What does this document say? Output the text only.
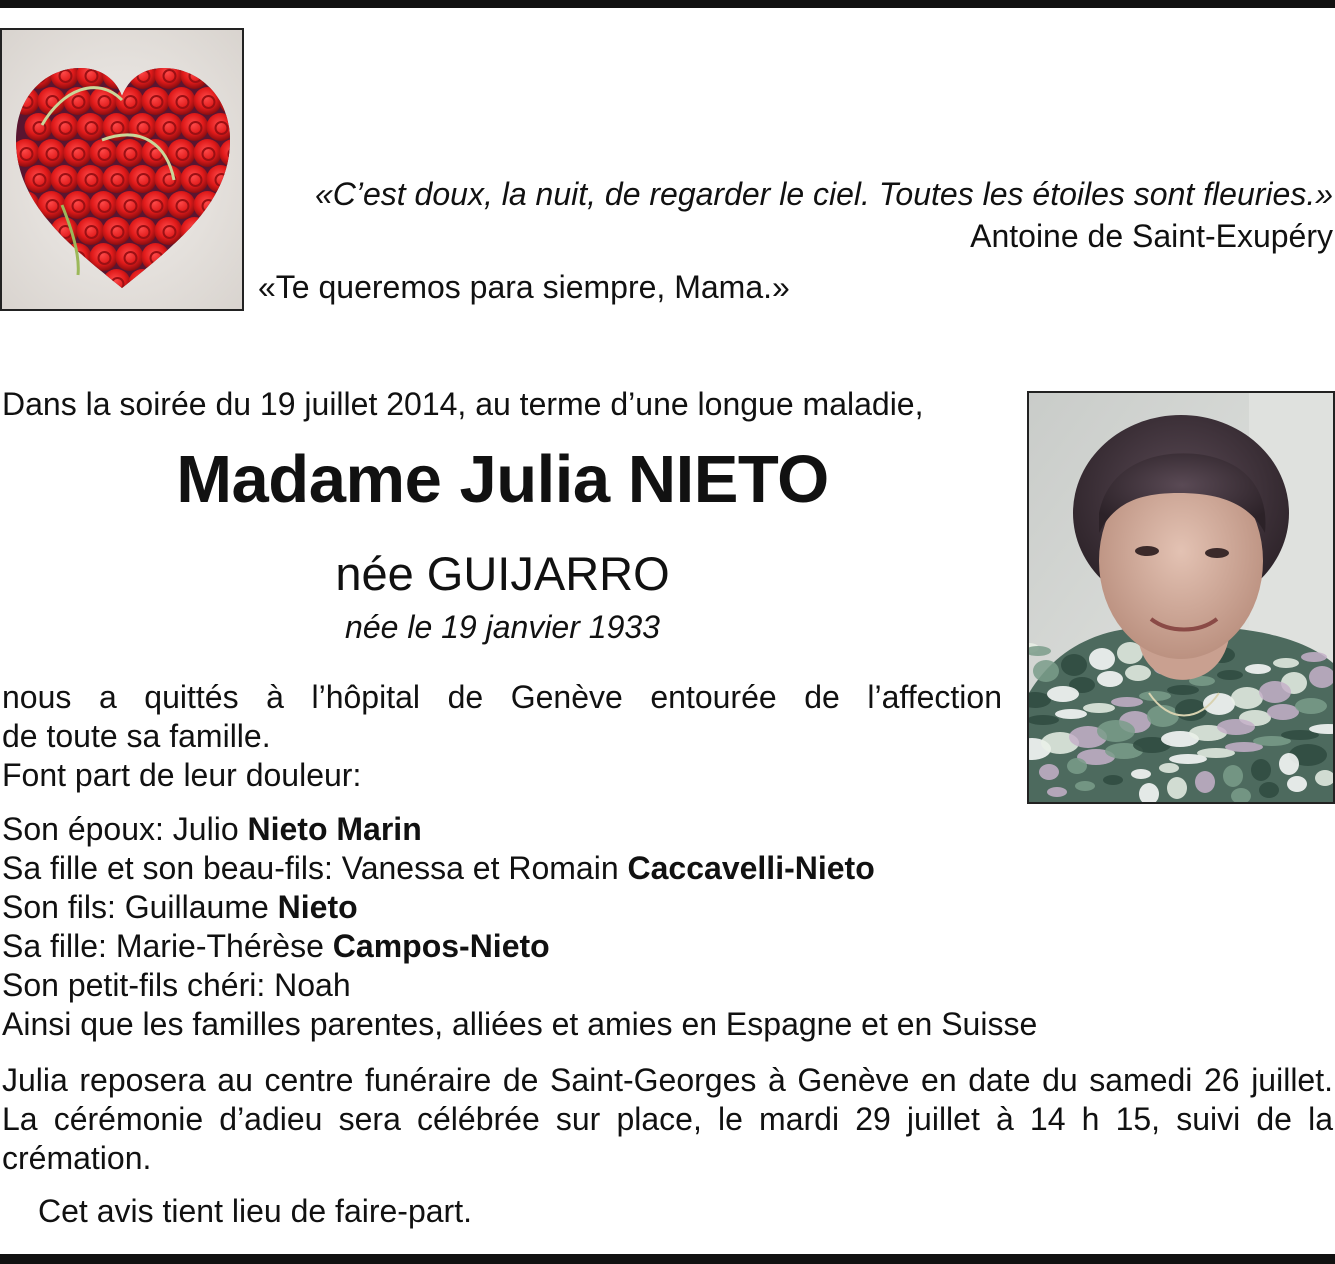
«C’est doux, la nuit, de regarder le ciel. Toutes les étoiles sont fleuries.»
Antoine de Saint-Exupéry
«Te queremos para siempre, Mama.»
Dans la soirée du 19 juillet 2014, au terme d’une longue maladie,
Madame Julia NIETO
née GUIJARRO
née le 19 janvier 1933
nous a quittés à l’hôpital de Genève entourée de l’affection
de toute sa famille.
Font part de leur douleur:
Son époux: Julio Nieto Marin
Sa fille et son beau-fils: Vanessa et Romain Caccavelli-Nieto
Son fils: Guillaume Nieto
Sa fille: Marie-Thérèse Campos-Nieto
Son petit-fils chéri: Noah
Ainsi que les familles parentes, alliées et amies en Espagne et en Suisse
Julia reposera au centre funéraire de Saint-Georges à Genève en date du samedi 26 juillet.
La cérémonie d’adieu sera célébrée sur place, le mardi 29 juillet à 14 h 15, suivi de la
crémation.
Cet avis tient lieu de faire-part.
